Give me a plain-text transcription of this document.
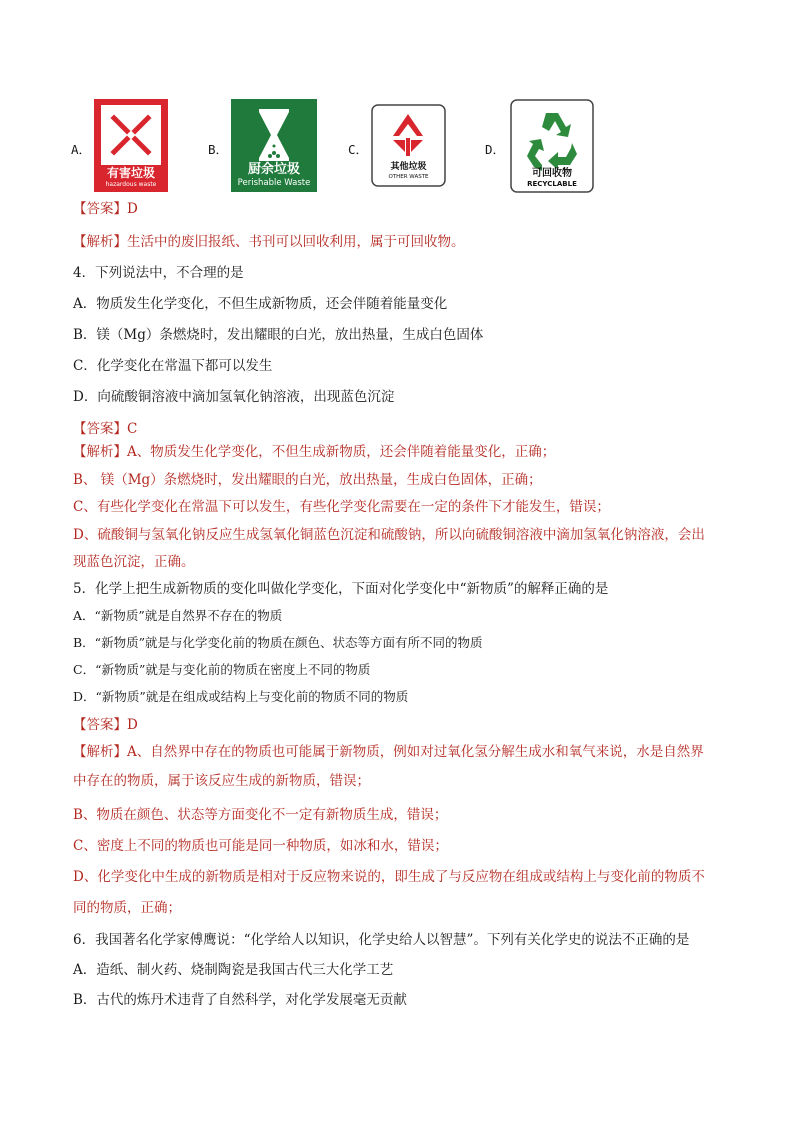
A．	B．	C．	D．
有害垃圾
hazardous waste
厨余垃圾
Perishable Waste
其他垃圾
OTHER WASTE	可回收物
RECYCLABLE
【答案】D
【解析】生活中的废旧报纸、书刊可以回收利用，属于可回收物。
4．下列说法中，不合理的是
A．物质发生化学变化，不但生成新物质，还会伴随着能量变化
B．镁（Mg）条燃烧时，发出耀眼的白光，放出热量，生成白色固体
C．化学变化在常温下都可以发生
D．向硫酸铜溶液中滴加氢氧化钠溶液，出现蓝色沉淀
【答案】C
【解析】A、物质发生化学变化，不但生成新物质，还会伴随着能量变化，正确；
B、 镁（Mg）条燃烧时，发出耀眼的白光，放出热量，生成白色固体，正确；
C、有些化学变化在常温下可以发生，有些化学变化需要在一定的条件下才能发生，错误；
D、硫酸铜与氢氧化钠反应生成氢氧化铜蓝色沉淀和硫酸钠，所以向硫酸铜溶液中滴加氢氧化钠溶液，会出
现蓝色沉淀，正确。
5．化学上把生成新物质的变化叫做化学变化，下面对化学变化中“新物质”的解释正确的是
A．“新物质”就是自然界不存在的物质
B．“新物质”就是与化学变化前的物质在颜色、状态等方面有所不同的物质
C．“新物质”就是与变化前的物质在密度上不同的物质
D．“新物质”就是在组成或结构上与变化前的物质不同的物质
【答案】D
【解析】A、自然界中存在的物质也可能属于新物质，例如对过氧化氢分解生成水和氧气来说，水是自然界
中存在的物质，属于该反应生成的新物质，错误；
B、物质在颜色、状态等方面变化不一定有新物质生成，错误；
C、密度上不同的物质也可能是同一种物质，如冰和水，错误；
D、化学变化中生成的新物质是相对于反应物来说的，即生成了与反应物在组成或结构上与变化前的物质不
同的物质，正确；
6．我国著名化学家傅鹰说：“化学给人以知识，化学史给人以智慧”。下列有关化学史的说法不正确的是
A．造纸、制火药、烧制陶瓷是我国古代三大化学工艺
B．古代的炼丹术违背了自然科学，对化学发展毫无贡献
